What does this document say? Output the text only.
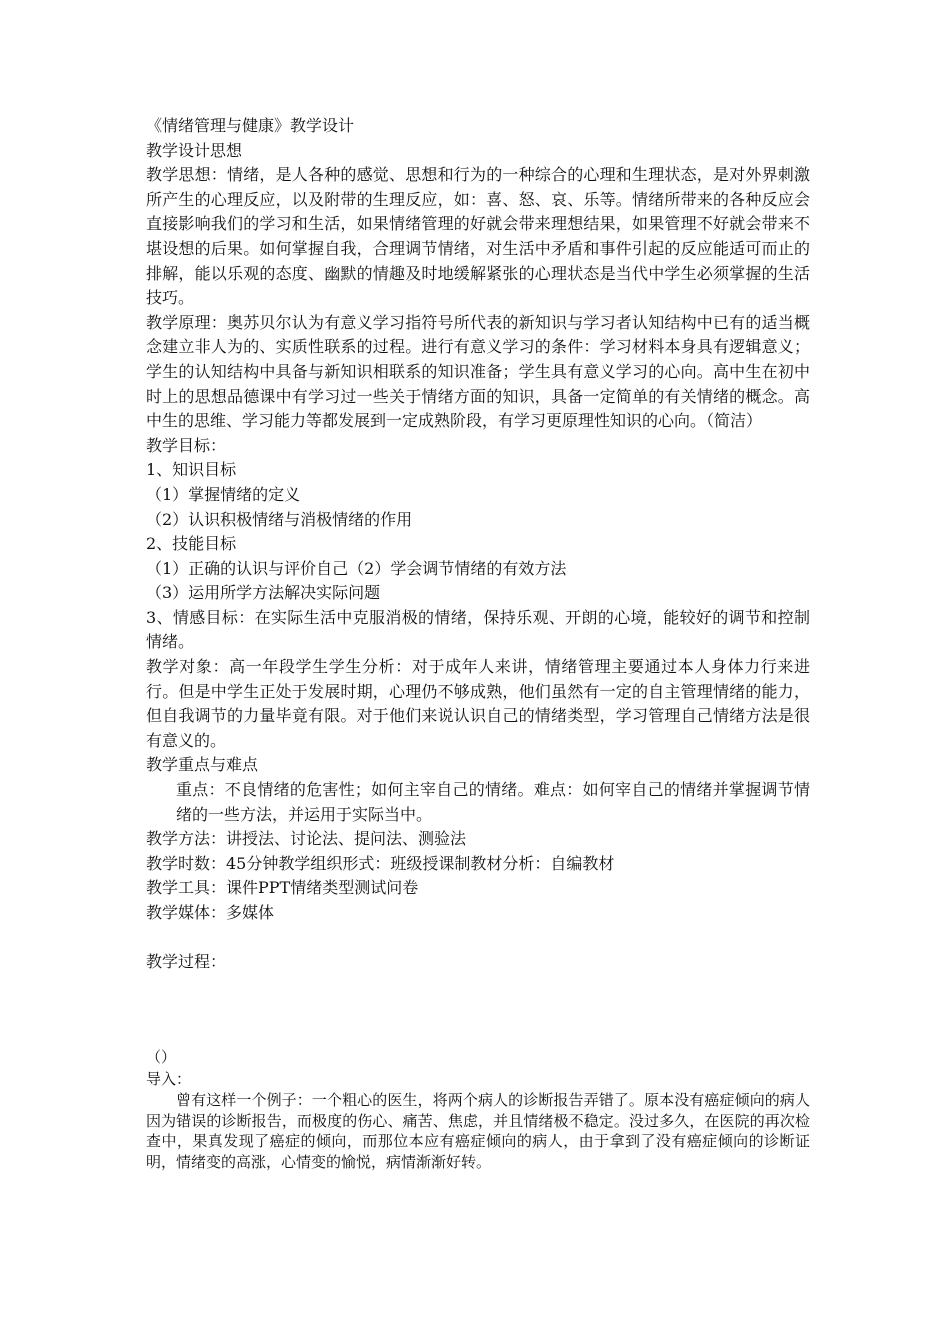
《情绪管理与健康》教学设计
教学设计思想
教学思想：情绪，是人各种的感觉、思想和行为的一种综合的心理和生理状态，是对外界刺激所产生的心理反应，以及附带的生理反应，如：喜、怒、哀、乐等。情绪所带来的各种反应会直接影响我们的学习和生活，如果情绪管理的好就会带来理想结果，如果管理不好就会带来不堪设想的后果。如何掌握自我，合理调节情绪，对生活中矛盾和事件引起的反应能适可而止的排解，能以乐观的态度、幽默的情趣及时地缓解紧张的心理状态是当代中学生必须掌握的生活技巧。
教学原理：奥苏贝尔认为有意义学习指符号所代表的新知识与学习者认知结构中已有的适当概念建立非人为的、实质性联系的过程。进行有意义学习的条件：学习材料本身具有逻辑意义；学生的认知结构中具备与新知识相联系的知识准备；学生具有意义学习的心向。高中生在初中时上的思想品德课中有学习过一些关于情绪方面的知识，具备一定简单的有关情绪的概念。高中生的思维、学习能力等都发展到一定成熟阶段，有学习更原理性知识的心向。（简洁）
教学目标：
1、知识目标
（1）掌握情绪的定义
（2）认识积极情绪与消极情绪的作用
2、技能目标
（1）正确的认识与评价自己（2）学会调节情绪的有效方法
（3）运用所学方法解决实际问题
3、情感目标：在实际生活中克服消极的情绪，保持乐观、开朗的心境，能较好的调节和控制情绪。
教学对象：高一年段学生学生分析：对于成年人来讲，情绪管理主要通过本人身体力行来进行。但是中学生正处于发展时期，心理仍不够成熟，他们虽然有一定的自主管理情绪的能力，但自我调节的力量毕竟有限。对于他们来说认识自己的情绪类型，学习管理自己情绪方法是很有意义的。
教学重点与难点
重点：不良情绪的危害性；如何主宰自己的情绪。难点：如何宰自己的情绪并掌握调节情绪的一些方法，并运用于实际当中。
教学方法：讲授法、讨论法、提问法、测验法
教学时数：45分钟教学组织形式：班级授课制教材分析：自编教材
教学工具：课件PPT情绪类型测试问卷
教学媒体：多媒体
教学过程：
（）
导入：
曾有这样一个例子：一个粗心的医生，将两个病人的诊断报告弄错了。原本没有癌症倾向的病人因为错误的诊断报告，而极度的伤心、痛苦、焦虑，并且情绪极不稳定。没过多久，在医院的再次检查中，果真发现了癌症的倾向，而那位本应有癌症倾向的病人，由于拿到了没有癌症倾向的诊断证明，情绪变的高涨，心情变的愉悦，病情渐渐好转。
